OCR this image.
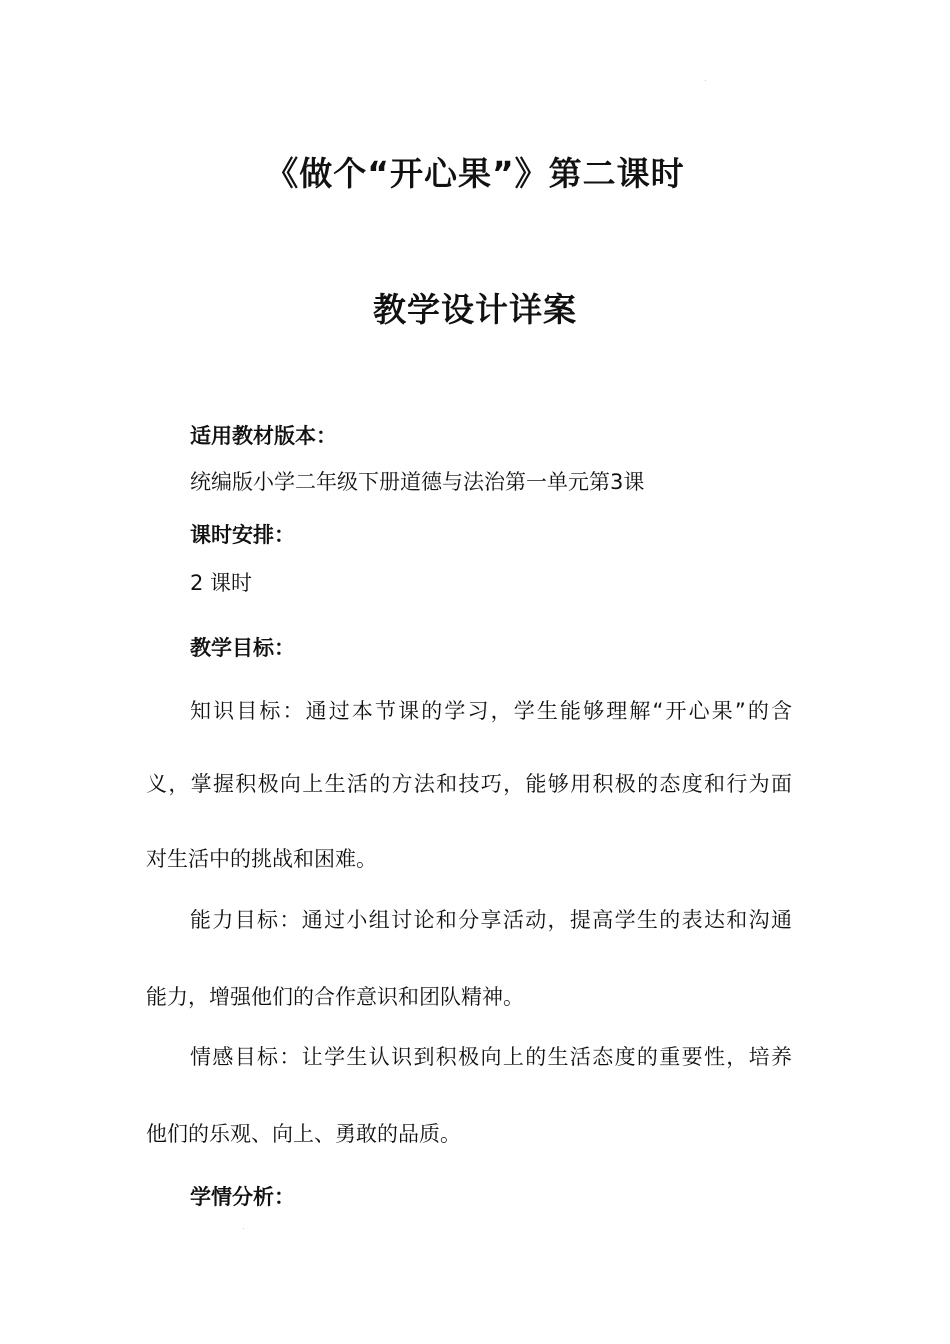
《做个“开心果”》第二课时
教学设计详案

适用教材版本：

统编版小学二年级下册道德与法治第一单元第3课

课时安排：

2 课时

教学目标：

知识目标：通过本节课的学习，学生能够理解“开心果”的含

义，掌握积极向上生活的方法和技巧，能够用积极的态度和行为面

对生活中的挑战和困难。

能力目标：通过小组讨论和分享活动，提高学生的表达和沟通

能力，增强他们的合作意识和团队精神。

情感目标：让学生认识到积极向上的生活态度的重要性，培养

他们的乐观、向上、勇敢的品质。

学情分析：
